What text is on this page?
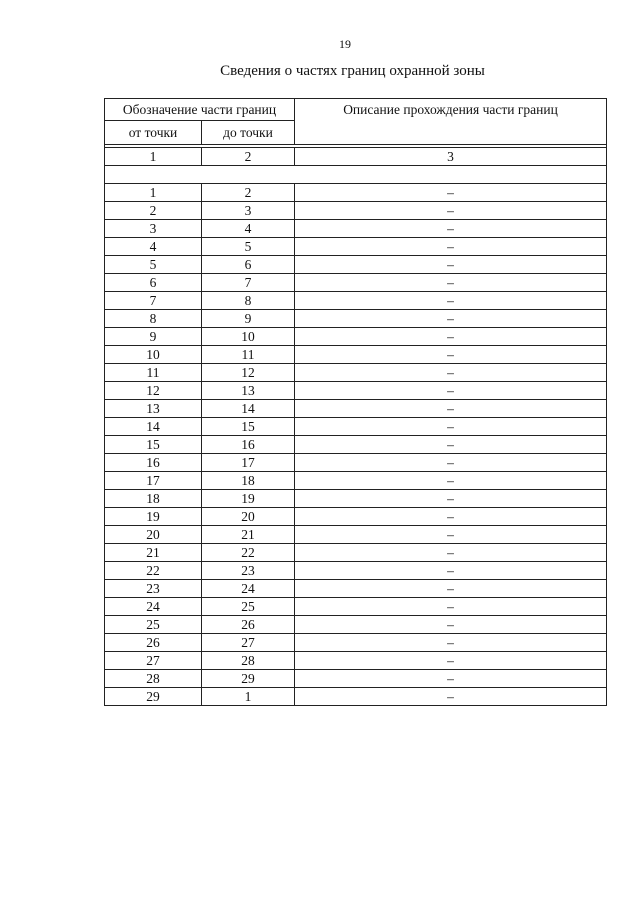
19
Сведения о частях границ охранной зоны
Обозначение части границ		Описание прохождения части границ
от точки	до точки	

1	2	3

1	2	–
2	3	–
3	4	–
4	5	–
5	6	–
6	7	–
7	8	–
8	9	–
9	10	–
10	11	–
11	12	–
12	13	–
13	14	–
14	15	–
15	16	–
16	17	–
17	18	–
18	19	–
19	20	–
20	21	–
21	22	–
22	23	–
23	24	–
24	25	–
25	26	–
26	27	–
27	28	–
28	29	–
29	1	–
